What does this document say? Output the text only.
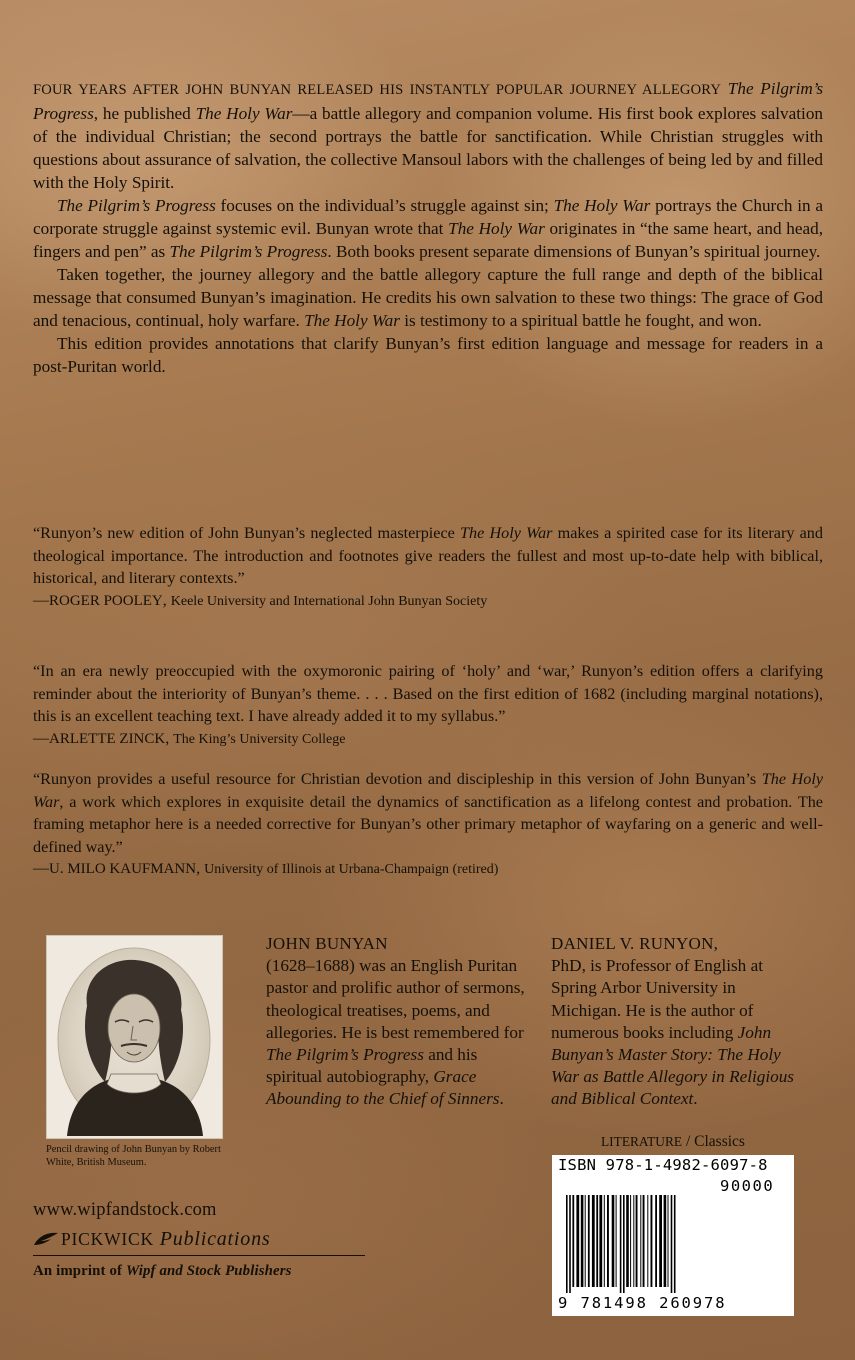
FOUR YEARS AFTER JOHN BUNYAN RELEASED HIS INSTANTLY POPULAR JOURNEY ALLEGORY The Pilgrim’s Progress, he published The Holy War—a battle allegory and companion volume. His first book explores salvation of the individual Christian; the second portrays the battle for sanctification. While Christian struggles with questions about assurance of salvation, the collective Mansoul labors with the challenges of being led by and filled with the Holy Spirit.

The Pilgrim’s Progress focuses on the individual’s struggle against sin; The Holy War portrays the Church in a corporate struggle against systemic evil. Bunyan wrote that The Holy War originates in “the same heart, and head, fingers and pen” as The Pilgrim’s Progress. Both books present separate dimensions of Bunyan’s spiritual journey.

Taken together, the journey allegory and the battle allegory capture the full range and depth of the biblical message that consumed Bunyan’s imagination. He credits his own salvation to these two things: The grace of God and tenacious, continual, holy warfare. The Holy War is testimony to a spiritual battle he fought, and won.

This edition provides annotations that clarify Bunyan’s first edition language and message for readers in a post-Puritan world.

“Runyon’s new edition of John Bunyan’s neglected masterpiece The Holy War makes a spirited case for its literary and theological importance. The introduction and footnotes give readers the fullest and most up-to-date help with biblical, historical, and literary contexts.”

—ROGER POOLEY, Keele University and International John Bunyan Society

“In an era newly preoccupied with the oxymoronic pairing of ‘holy’ and ‘war,’ Runyon’s edition offers a clarifying reminder about the interiority of Bunyan’s theme. . . . Based on the first edition of 1682 (including marginal notations), this is an excellent teaching text. I have already added it to my syllabus.”

—ARLETTE ZINCK, The King’s University College

“Runyon provides a useful resource for Christian devotion and discipleship in this version of John Bunyan’s The Holy War, a work which explores in exquisite detail the dynamics of sanctification as a lifelong contest and probation. The framing metaphor here is a needed corrective for Bunyan’s other primary metaphor of wayfaring on a generic and well-defined way.”

—U. MILO KAUFMANN, University of Illinois at Urbana-Champaign (retired)
Pencil drawing of John Bunyan by Robert White, British Museum.
JOHN BUNYAN
(1628–1688) was an English Puritan pastor and prolific author of sermons, theological treatises, poems, and allegories. He is best remembered for The Pilgrim’s Progress and his spiritual autobiography, Grace Abounding to the Chief of Sinners.
DANIEL V. RUNYON,
PhD, is Professor of English at Spring Arbor University in Michigan. He is the author of numerous books including John Bunyan’s Master Story: The Holy War as Battle Allegory in Religious and Biblical Context.
LITERATURE / Classics
ISBN 978-1-4982-6097-8
90000
9 781498 260978
www.wipfandstock.com
PICKWICK Publications
An imprint of Wipf and Stock Publishers
